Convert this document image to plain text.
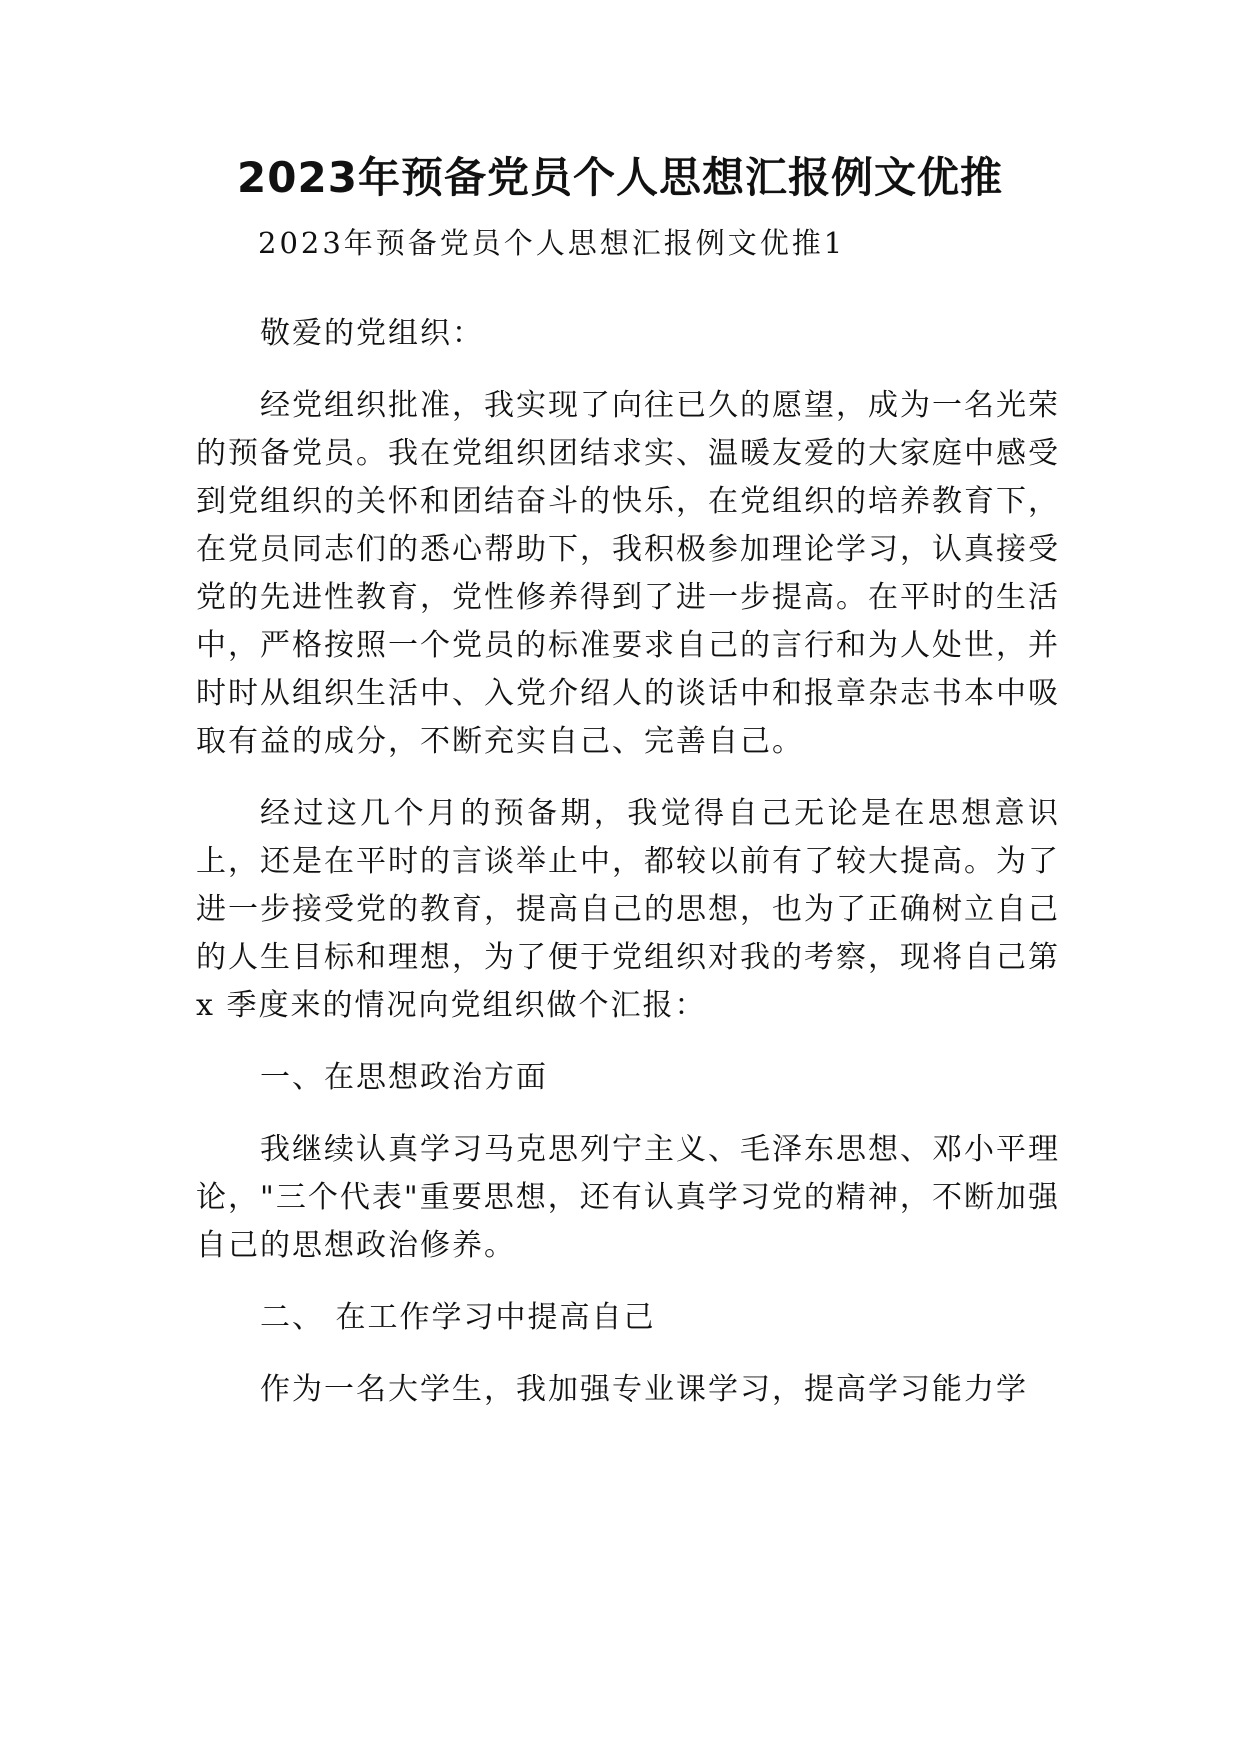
2023年预备党员个人思想汇报例文优推
2023年预备党员个人思想汇报例文优推1

敬爱的党组织：

经党组织批准，我实现了向往已久的愿望，成为一名光荣的预备党员。我在党组织团结求实、温暖友爱的大家庭中感受到党组织的关怀和团结奋斗的快乐，在党组织的培养教育下，在党员同志们的悉心帮助下，我积极参加理论学习，认真接受党的先进性教育，党性修养得到了进一步提高。在平时的生活中，严格按照一个党员的标准要求自己的言行和为人处世，并时时从组织生活中、入党介绍人的谈话中和报章杂志书本中吸取有益的成分，不断充实自己、完善自己。

经过这几个月的预备期，我觉得自己无论是在思想意识上，还是在平时的言谈举止中，都较以前有了较大提高。为了进一步接受党的教育，提高自己的思想，也为了正确树立自己的人生目标和理想，为了便于党组织对我的考察，现将自己第x 季度来的情况向党组织做个汇报：

一、在思想政治方面

我继续认真学习马克思列宁主义、毛泽东思想、邓小平理论，"三个代表"重要思想，还有认真学习党的精神，不断加强自己的思想政治修养。

二、 在工作学习中提高自己

作为一名大学生，我加强专业课学习，提高学习能力学
